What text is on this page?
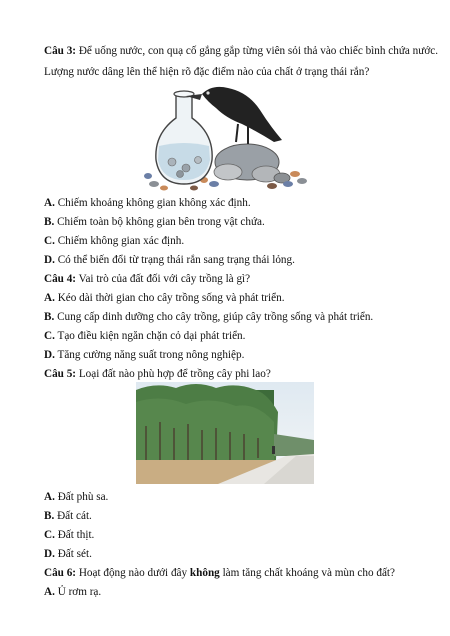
Câu 3: Để uống nước, con quạ cố gắng gắp từng viên sỏi thả vào chiếc bình chứa nước.
Lượng nước dâng lên thể hiện rõ đặc điểm nào của chất ở trạng thái rắn?
A. Chiếm khoảng không gian không xác định.
B. Chiếm toàn bộ không gian bên trong vật chứa.
C. Chiếm không gian xác định.
D. Có thể biến đổi từ trạng thái rắn sang trạng thái lỏng.
Câu 4: Vai trò của đất đối với cây trồng là gì?
A. Kéo dài thời gian cho cây trồng sống và phát triển.
B. Cung cấp dinh dưỡng cho cây trồng, giúp cây trồng sống và phát triển.
C. Tạo điều kiện ngăn chặn cỏ dại phát triển.
D. Tăng cường năng suất trong nông nghiệp.
Câu 5: Loại đất nào phù hợp để trồng cây phi lao?
A. Đất phù sa.
B. Đất cát.
C. Đất thịt.
D. Đất sét.
Câu 6: Hoạt động nào dưới đây không làm tăng chất khoáng và mùn cho đất?
A. Ủ rơm rạ.
